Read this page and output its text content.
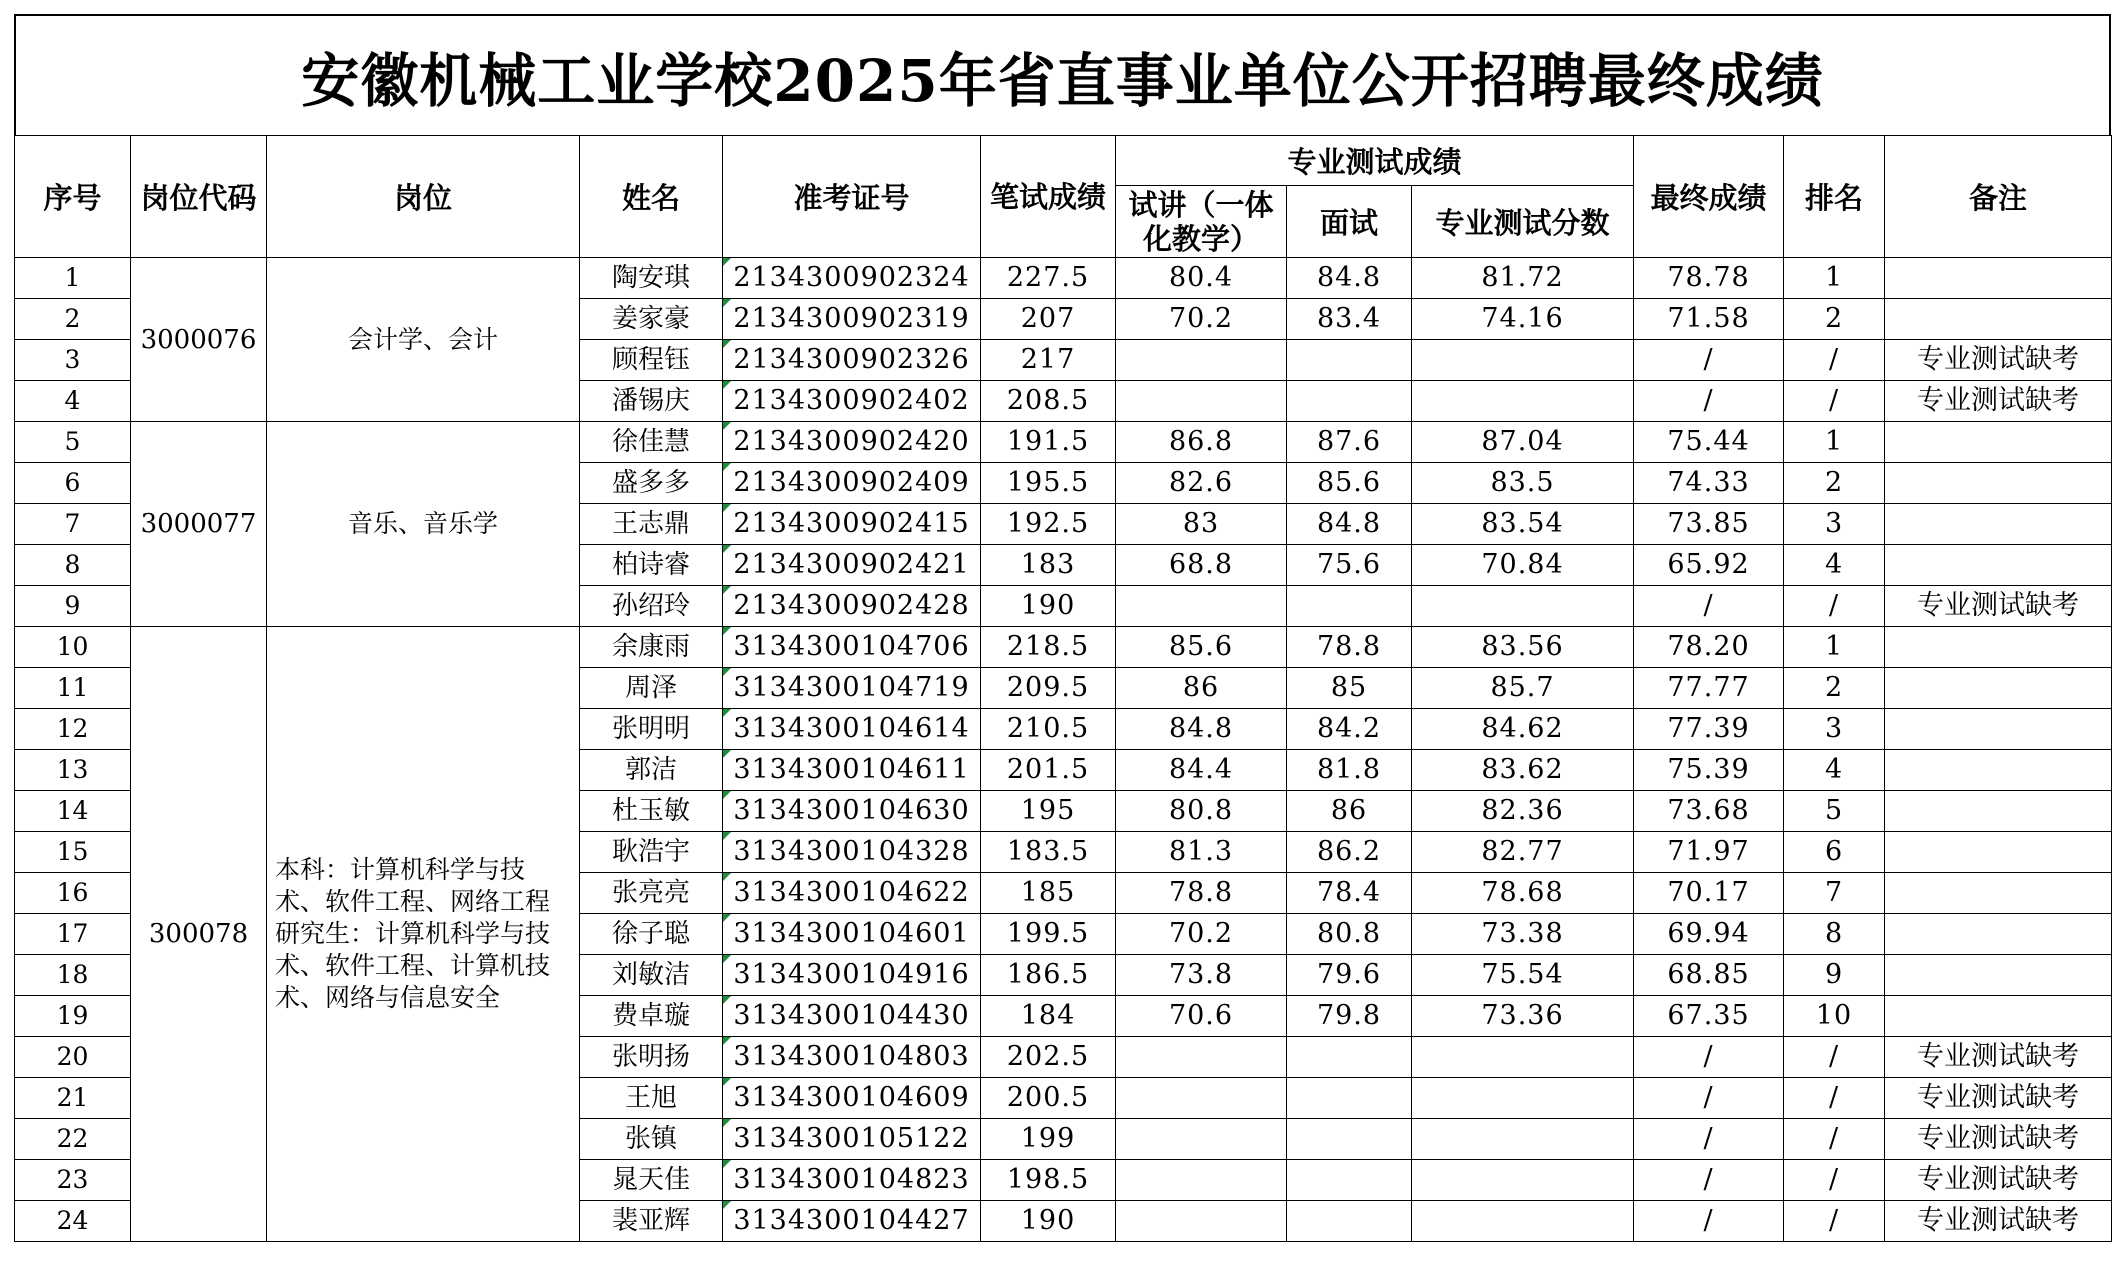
安徽机械工业学校2025年省直事业单位公开招聘最终成绩
序号	岗位代码	岗位	姓名	准考证号	笔试成绩	专业测试成绩			最终成绩	排名	备注
						试讲（一体化教学）	面试	专业测试分数			
1	3000076	会计学、会计	陶安琪	2134300902324	227.5	80.4	84.8	81.72	78.78	1	
2			姜家豪	2134300902319	207	70.2	83.4	74.16	71.58	2	
3			顾程钰	2134300902326	217				/	/	专业测试缺考
4			潘锡庆	2134300902402	208.5				/	/	专业测试缺考
5	3000077	音乐、音乐学	徐佳慧	2134300902420	191.5	86.8	87.6	87.04	75.44	1	
6			盛多多	2134300902409	195.5	82.6	85.6	83.5	74.33	2	
7			王志鼎	2134300902415	192.5	83	84.8	83.54	73.85	3	
8			柏诗睿	2134300902421	183	68.8	75.6	70.84	65.92	4	
9			孙绍玲	2134300902428	190				/	/	专业测试缺考
10	300078	本科：计算机科学与技术、软件工程、网络工程研究生：计算机科学与技术、软件工程、计算机技术、网络与信息安全	余康雨	3134300104706	218.5	85.6	78.8	83.56	78.20	1	
11			周泽	3134300104719	209.5	86	85	85.7	77.77	2	
12			张明明	3134300104614	210.5	84.8	84.2	84.62	77.39	3	
13			郭洁	3134300104611	201.5	84.4	81.8	83.62	75.39	4	
14			杜玉敏	3134300104630	195	80.8	86	82.36	73.68	5	
15			耿浩宇	3134300104328	183.5	81.3	86.2	82.77	71.97	6	
16			张亮亮	3134300104622	185	78.8	78.4	78.68	70.17	7	
17			徐子聪	3134300104601	199.5	70.2	80.8	73.38	69.94	8	
18			刘敏洁	3134300104916	186.5	73.8	79.6	75.54	68.85	9	
19			费卓璇	3134300104430	184	70.6	79.8	73.36	67.35	10	
20			张明扬	3134300104803	202.5				/	/	专业测试缺考
21			王旭	3134300104609	200.5				/	/	专业测试缺考
22			张镇	3134300105122	199				/	/	专业测试缺考
23			晁天佳	3134300104823	198.5				/	/	专业测试缺考
24			裴亚辉	3134300104427	190				/	/	专业测试缺考
